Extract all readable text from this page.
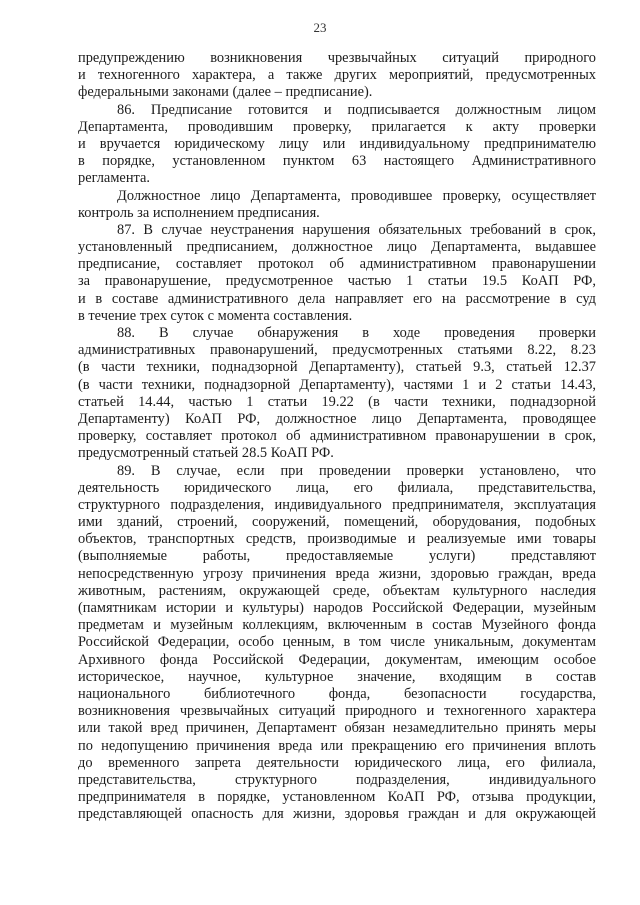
23
предупреждению возникновения чрезвычайных ситуаций природного
и техногенного характера, а также других мероприятий, предусмотренных
федеральными законами (далее – предписание).
86. Предписание готовится и подписывается должностным лицом
Департамента, проводившим проверку, прилагается к акту проверки
и вручается юридическому лицу или индивидуальному предпринимателю
в порядке, установленном пунктом 63 настоящего Административного
регламента.
Должностное лицо Департамента, проводившее проверку, осуществляет
контроль за исполнением предписания.
87. В случае неустранения нарушения обязательных требований в срок,
установленный предписанием, должностное лицо Департамента, выдавшее
предписание, составляет протокол об административном правонарушении
за правонарушение, предусмотренное частью 1 статьи 19.5 КоАП РФ,
и в составе административного дела направляет его на рассмотрение в суд
в течение трех суток с момента составления.
88. В случае обнаружения в ходе проведения проверки
административных правонарушений, предусмотренных статьями 8.22, 8.23
(в части техники, поднадзорной Департаменту), статьей 9.3, статьей 12.37
(в части техники, поднадзорной Департаменту), частями 1 и 2 статьи 14.43,
статьей 14.44, частью 1 статьи 19.22 (в части техники, поднадзорной
Департаменту) КоАП РФ, должностное лицо Департамента, проводящее
проверку, составляет протокол об административном правонарушении в срок,
предусмотренный статьей 28.5 КоАП РФ.
89. В случае, если при проведении проверки установлено, что
деятельность юридического лица, его филиала, представительства,
структурного подразделения, индивидуального предпринимателя, эксплуатация
ими зданий, строений, сооружений, помещений, оборудования, подобных
объектов, транспортных средств, производимые и реализуемые ими товары
(выполняемые работы, предоставляемые услуги) представляют
непосредственную угрозу причинения вреда жизни, здоровью граждан, вреда
животным, растениям, окружающей среде, объектам культурного наследия
(памятникам истории и культуры) народов Российской Федерации, музейным
предметам и музейным коллекциям, включенным в состав Музейного фонда
Российской Федерации, особо ценным, в том числе уникальным, документам
Архивного фонда Российской Федерации, документам, имеющим особое
историческое, научное, культурное значение, входящим в состав
национального библиотечного фонда, безопасности государства,
возникновения чрезвычайных ситуаций природного и техногенного характера
или такой вред причинен, Департамент обязан незамедлительно принять меры
по недопущению причинения вреда или прекращению его причинения вплоть
до временного запрета деятельности юридического лица, его филиала,
представительства, структурного подразделения, индивидуального
предпринимателя в порядке, установленном КоАП РФ, отзыва продукции,
представляющей опасность для жизни, здоровья граждан и для окружающей
